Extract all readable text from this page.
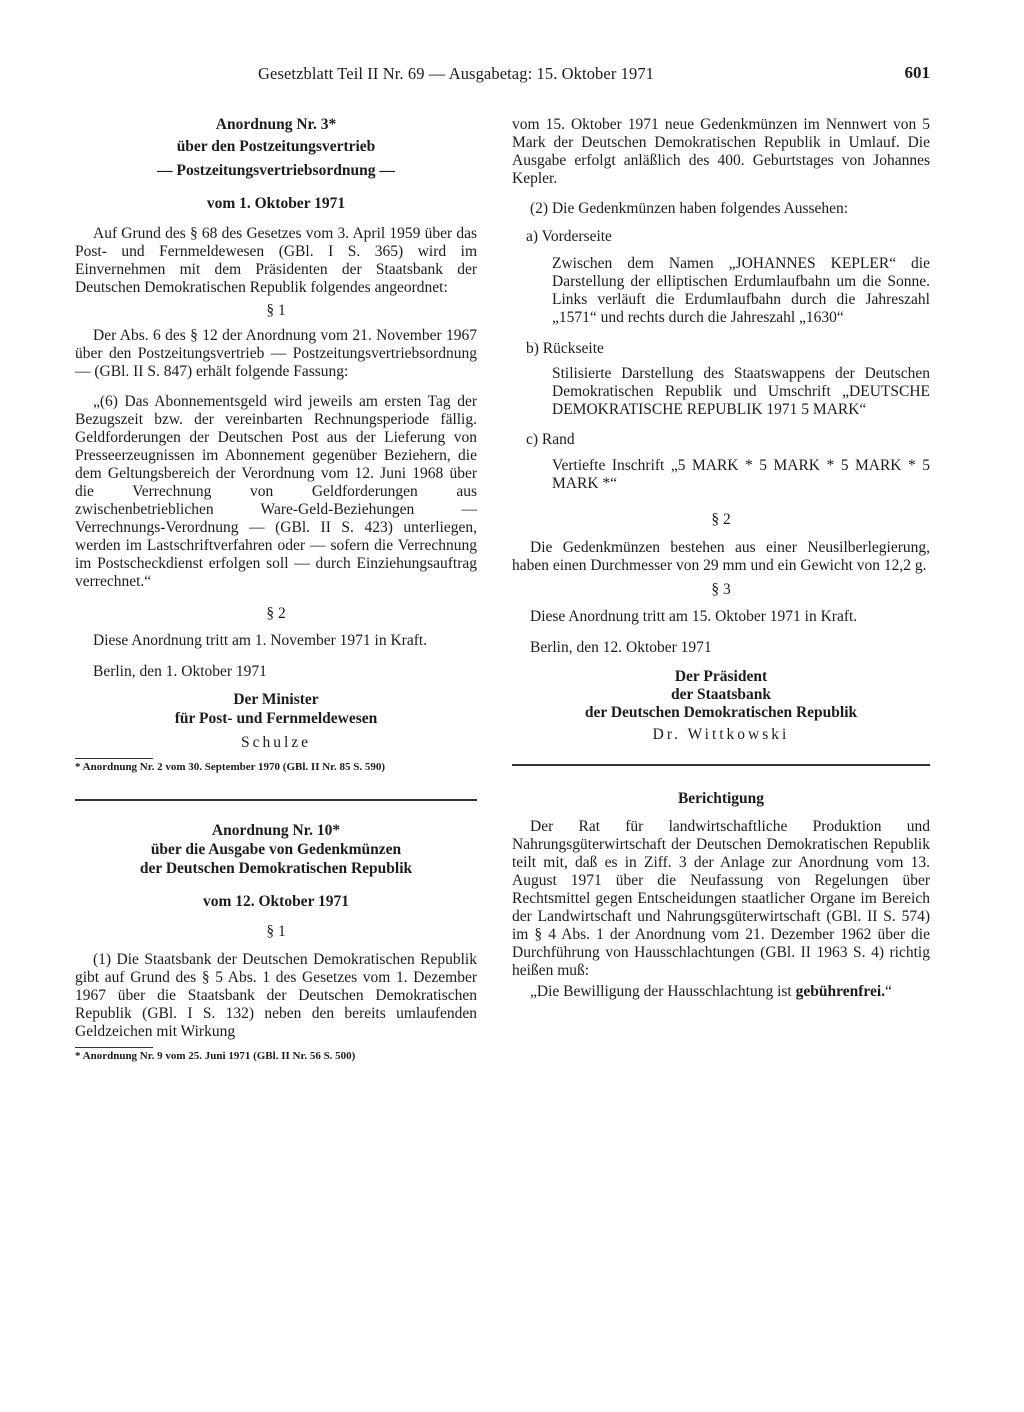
Gesetzblatt Teil II Nr. 69 — Ausgabetag: 15. Oktober 1971	601

Anordnung Nr. 3*

über den Postzeitungsvertrieb

— Postzeitungsvertriebsordnung —

vom 1. Oktober 1971

Auf Grund des § 68 des Gesetzes vom 3. April 1959 über das Post- und Fernmeldewesen (GBl. I S. 365) wird im Einvernehmen mit dem Präsidenten der Staatsbank der Deutschen Demokratischen Republik folgendes angeordnet:

§ 1

Der Abs. 6 des § 12 der Anordnung vom 21. November 1967 über den Postzeitungsvertrieb — Postzeitungsvertriebsordnung — (GBl. II S. 847) erhält folgende Fassung:

„(6) Das Abonnementsgeld wird jeweils am ersten Tag der Bezugszeit bzw. der vereinbarten Rechnungsperiode fällig. Geldforderungen der Deutschen Post aus der Lieferung von Presseerzeugnissen im Abonnement gegenüber Beziehern, die dem Geltungsbereich der Verordnung vom 12. Juni 1968 über die Verrechnung von Geldforderungen aus zwischenbetrieblichen Ware-Geld-Beziehungen — Verrechnungs-Verordnung — (GBl. II S. 423) unterliegen, werden im Lastschriftverfahren oder — sofern die Verrechnung im Postscheckdienst erfolgen soll — durch Einziehungsauftrag verrechnet.“

§ 2

Diese Anordnung tritt am 1. November 1971 in Kraft.

Berlin, den 1. Oktober 1971

Der Minister

für Post- und Fernmeldewesen

Schulze

* Anordnung Nr. 2 vom 30. September 1970 (GBl. II Nr. 85 S. 590)

Anordnung Nr. 10*

über die Ausgabe von Gedenkmünzen

der Deutschen Demokratischen Republik

vom 12. Oktober 1971

§ 1

(1) Die Staatsbank der Deutschen Demokratischen Republik gibt auf Grund des § 5 Abs. 1 des Gesetzes vom 1. Dezember 1967 über die Staatsbank der Deutschen Demokratischen Republik (GBl. I S. 132) neben den bereits umlaufenden Geldzeichen mit Wirkung

* Anordnung Nr. 9 vom 25. Juni 1971 (GBl. II Nr. 56 S. 500)

vom 15. Oktober 1971 neue Gedenkmünzen im Nennwert von 5 Mark der Deutschen Demokratischen Republik in Umlauf. Die Ausgabe erfolgt anläßlich des 400. Geburtstages von Johannes Kepler.

(2) Die Gedenkmünzen haben folgendes Aussehen:

a) Vorderseite

Zwischen dem Namen „JOHANNES KEPLER“ die Darstellung der elliptischen Erdumlaufbahn um die Sonne. Links verläuft die Erdumlaufbahn durch die Jahreszahl „1571“ und rechts durch die Jahreszahl „1630“

b) Rückseite

Stilisierte Darstellung des Staatswappens der Deutschen Demokratischen Republik und Umschrift „DEUTSCHE DEMOKRATISCHE REPUBLIK 1971 5 MARK“

c) Rand

Vertiefte Inschrift „5 MARK * 5 MARK * 5 MARK * 5 MARK *“

§ 2

Die Gedenkmünzen bestehen aus einer Neusilberlegierung, haben einen Durchmesser von 29 mm und ein Gewicht von 12,2 g.

§ 3

Diese Anordnung tritt am 15. Oktober 1971 in Kraft.

Berlin, den 12. Oktober 1971

Der Präsident

der Staatsbank

der Deutschen Demokratischen Republik

Dr. Wittkowski

Berichtigung

Der Rat für landwirtschaftliche Produktion und Nahrungsgüterwirtschaft der Deutschen Demokratischen Republik teilt mit, daß es in Ziff. 3 der Anlage zur Anordnung vom 13. August 1971 über die Neufassung von Regelungen über Rechtsmittel gegen Entscheidungen staatlicher Organe im Bereich der Landwirtschaft und Nahrungsgüterwirtschaft (GBl. II S. 574) im § 4 Abs. 1 der Anordnung vom 21. Dezember 1962 über die Durchführung von Hausschlachtungen (GBl. II 1963 S. 4) richtig heißen muß:

„Die Bewilligung der Hausschlachtung ist gebührenfrei.“
